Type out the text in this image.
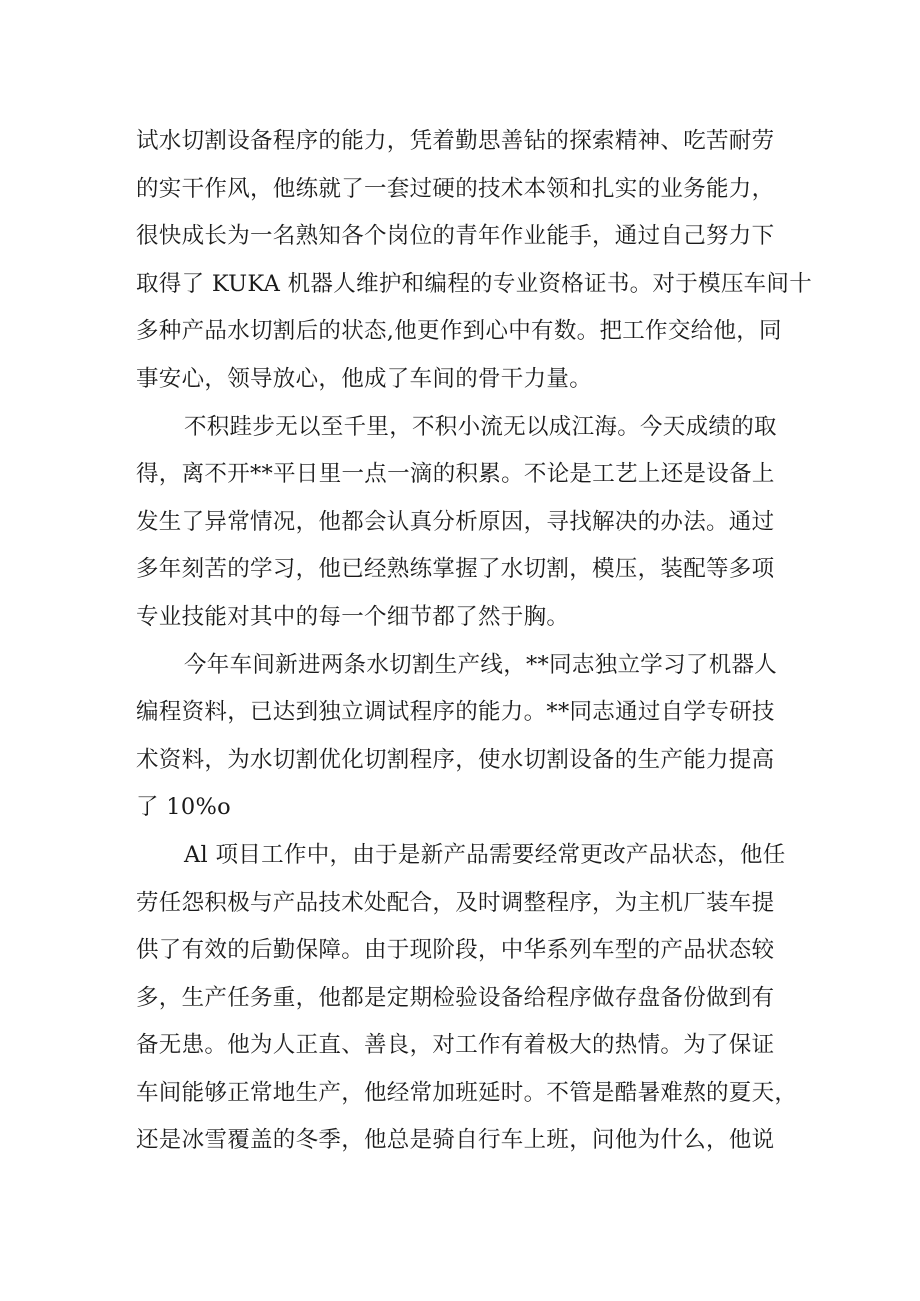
试水切割设备程序的能力，凭着勤思善钻的探索精神、吃苦耐劳
的实干作风，他练就了一套过硬的技术本领和扎实的业务能力，
很快成长为一名熟知各个岗位的青年作业能手，通过自己努力下
取得了 KUKA 机器人维护和编程的专业资格证书。对于模压车间十
多种产品水切割后的状态,他更作到心中有数。把工作交给他，同
事安心，领导放心，他成了车间的骨干力量。

不积跬步无以至千里，不积小流无以成江海。今天成绩的取
得，离不开**平日里一点一滴的积累。不论是工艺上还是设备上
发生了异常情况，他都会认真分析原因，寻找解决的办法。通过
多年刻苦的学习，他已经熟练掌握了水切割，模压，装配等多项
专业技能对其中的每一个细节都了然于胸。

今年车间新进两条水切割生产线，**同志独立学习了机器人
编程资料，已达到独立调试程序的能力。**同志通过自学专研技
术资料，为水切割优化切割程序，使水切割设备的生产能力提高
了 10%o

Al 项目工作中，由于是新产品需要经常更改产品状态，他任
劳任怨积极与产品技术处配合，及时调整程序，为主机厂装车提
供了有效的后勤保障。由于现阶段，中华系列车型的产品状态较
多，生产任务重，他都是定期检验设备给程序做存盘备份做到有
备无患。他为人正直、善良，对工作有着极大的热情。为了保证
车间能够正常地生产，他经常加班延时。不管是酷暑难熬的夏天，
还是冰雪覆盖的冬季，他总是骑自行车上班，问他为什么，他说
